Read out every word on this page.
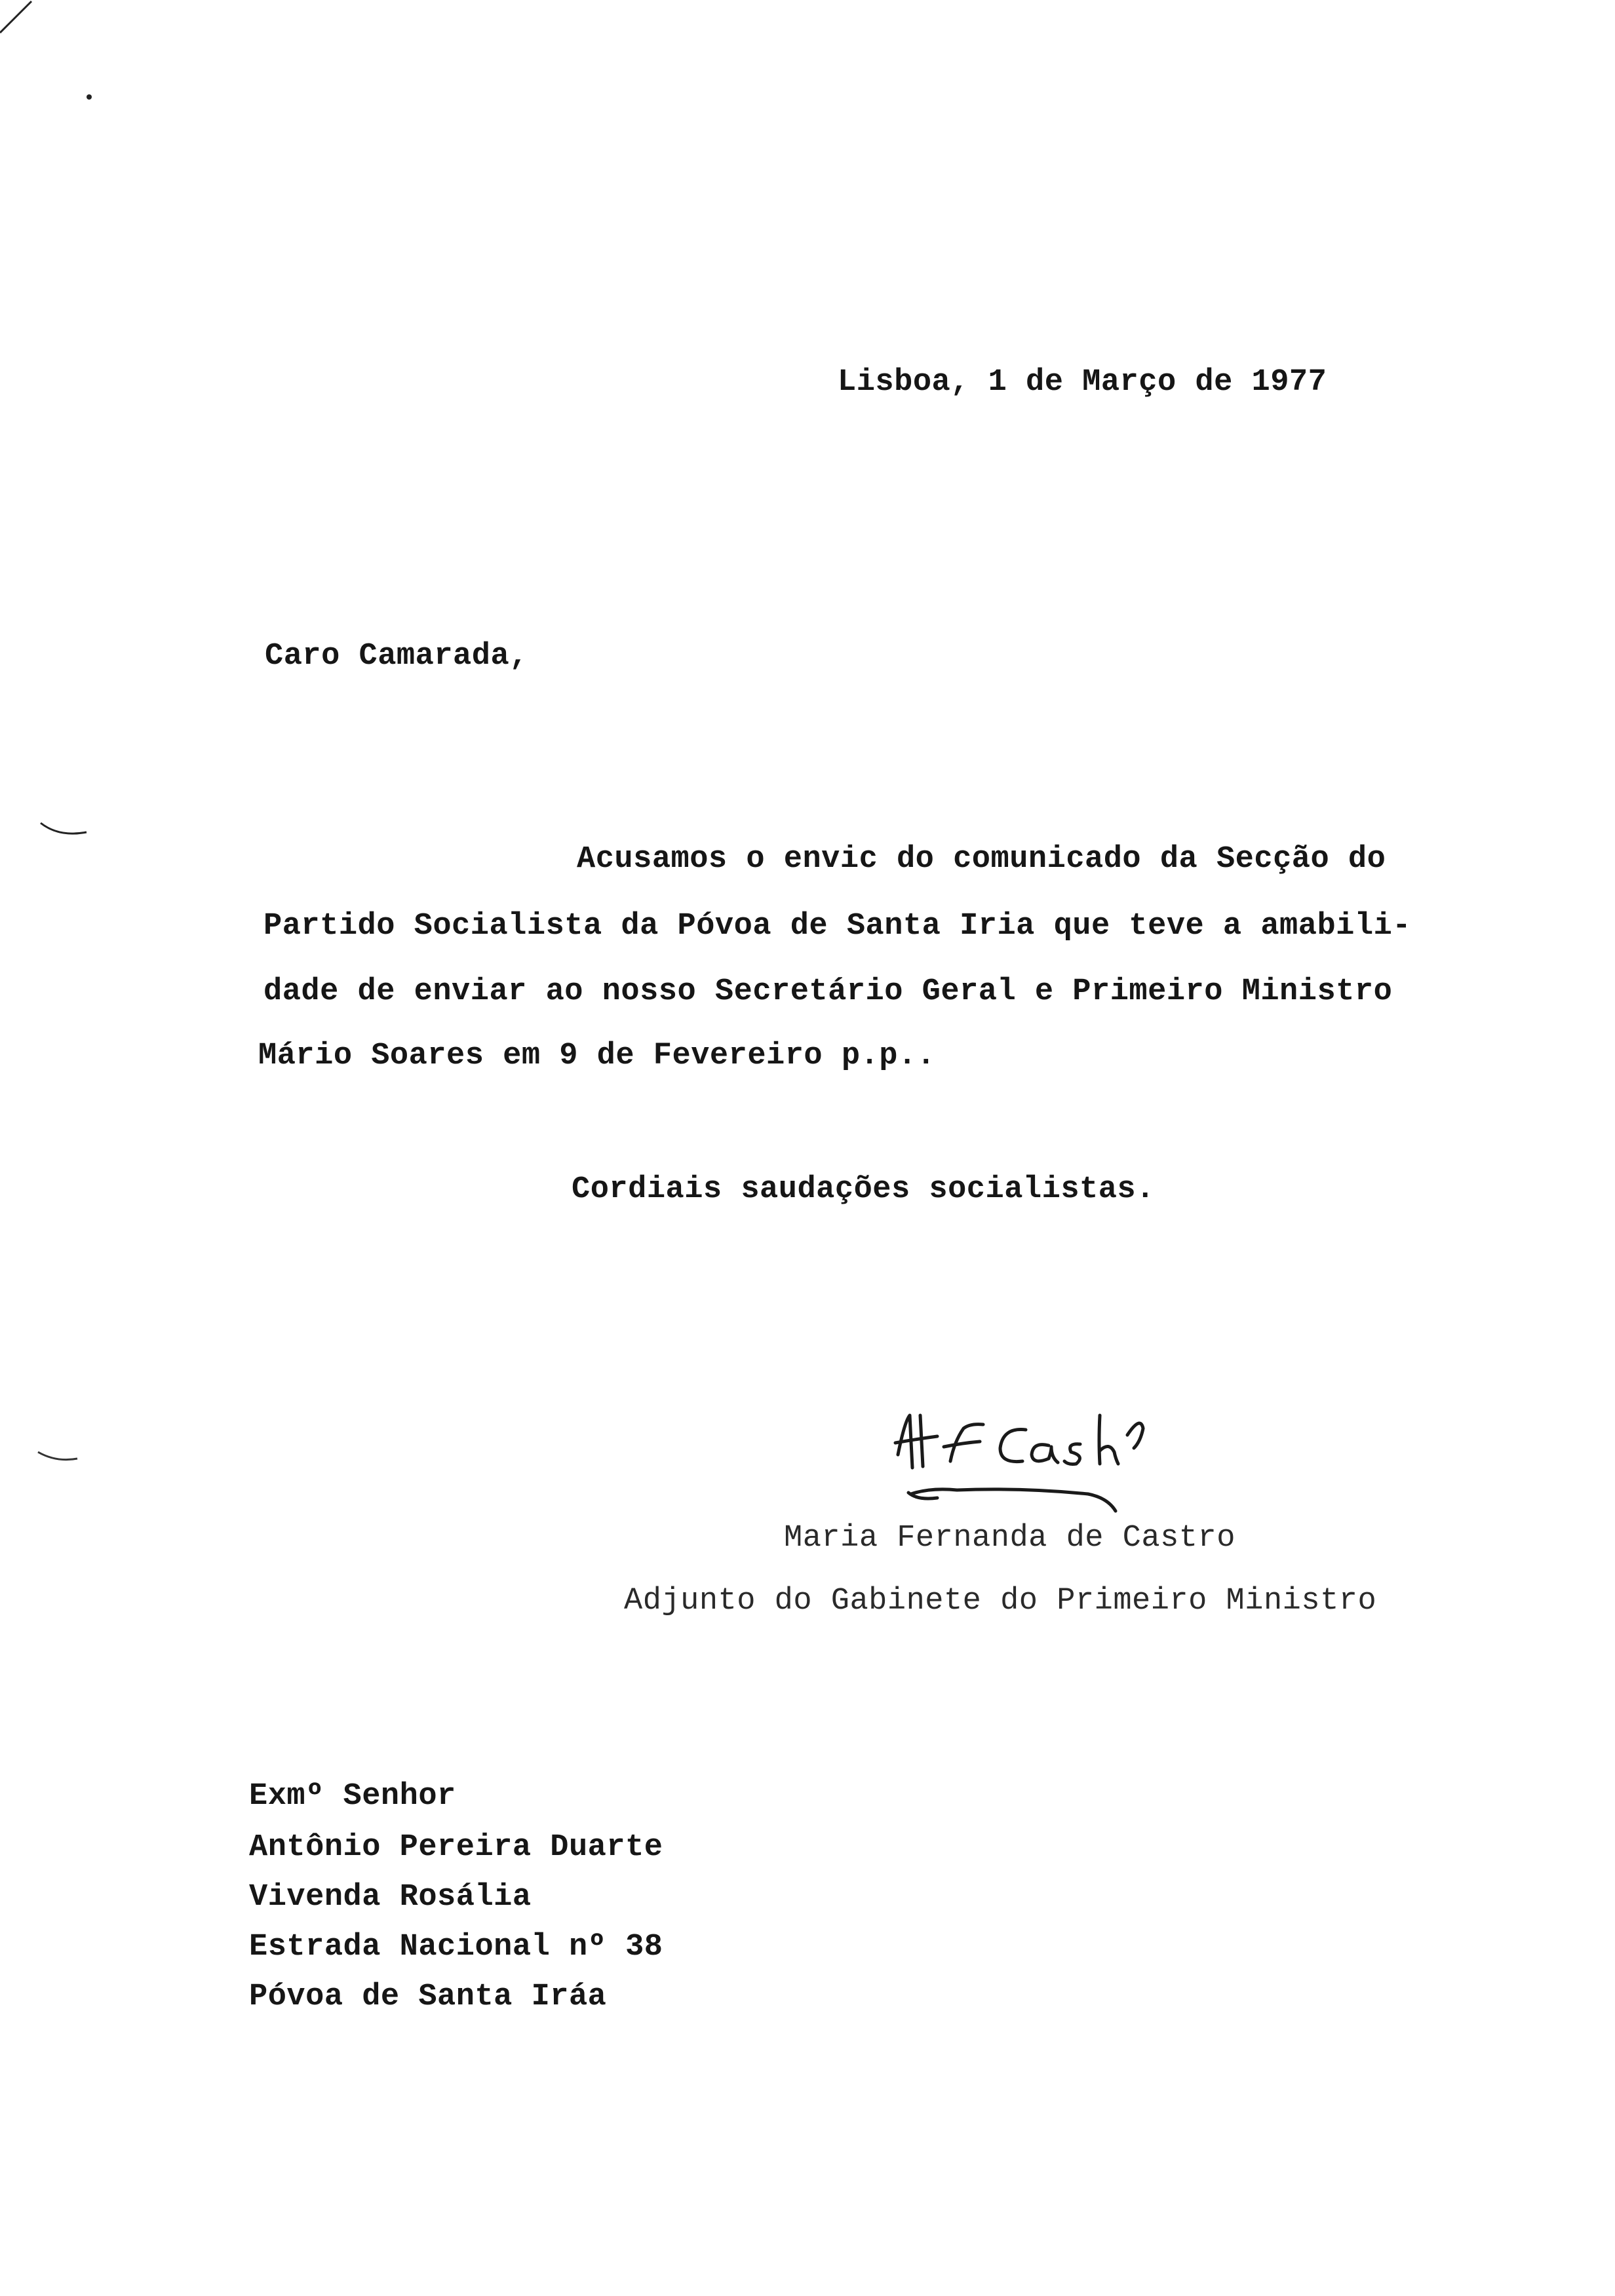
Lisboa, 1 de Março de 1977
Caro Camarada,
Acusamos o envic do comunicado da Secção do
Partido Socialista da Póvoa de Santa Iria que teve a amabili-
dade de enviar ao nosso Secretário Geral e Primeiro Ministro
Mário Soares em 9 de Fevereiro p.p..
Cordiais saudações socialistas.
Maria Fernanda de Castro
Adjunto do Gabinete do Primeiro Ministro
Exmº Senhor
Antônio Pereira Duarte
Vivenda Rosália
Estrada Nacional nº 38
Póvoa de Santa Iráa
